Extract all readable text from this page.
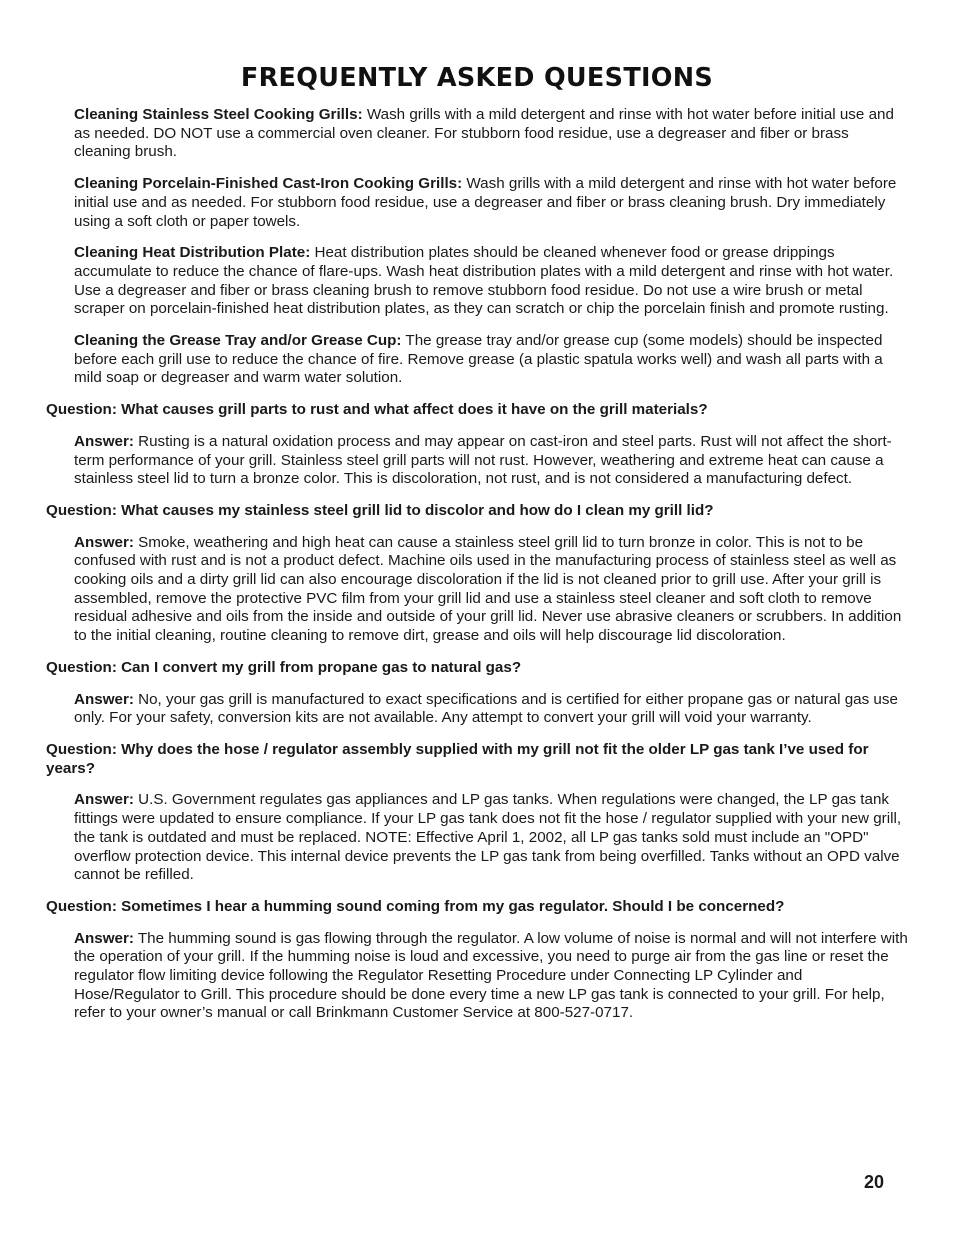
FREQUENTLY ASKED QUESTIONS

Cleaning Stainless Steel Cooking Grills: Wash grills with a mild detergent and rinse with hot water before initial use and as needed. DO NOT use a commercial oven cleaner. For stubborn food residue, use a degreaser and fiber or brass cleaning brush.

Cleaning Porcelain-Finished Cast-Iron Cooking Grills: Wash grills with a mild detergent and rinse with hot water before initial use and as needed. For stubborn food residue, use a degreaser and fiber or brass cleaning brush. Dry immediately using a soft cloth or paper towels.

Cleaning Heat Distribution Plate: Heat distribution plates should be cleaned whenever food or grease drippings accumulate to reduce the chance of flare-ups. Wash heat distribution plates with a mild detergent and rinse with hot water. Use a degreaser and fiber or brass cleaning brush to remove stubborn food residue. Do not use a wire brush or metal scraper on porcelain-finished heat distribution plates, as they can scratch or chip the porcelain finish and promote rusting.

Cleaning the Grease Tray and/or Grease Cup: The grease tray and/or grease cup (some models) should be inspected before each grill use to reduce the chance of fire. Remove grease (a plastic spatula works well) and wash all parts with a mild soap or degreaser and warm water solution.

Question: What causes grill parts to rust and what affect does it have on the grill materials?

Answer: Rusting is a natural oxidation process and may appear on cast-iron and steel parts. Rust will not affect the short-term performance of your grill. Stainless steel grill parts will not rust. However, weathering and extreme heat can cause a stainless steel lid to turn a bronze color. This is discoloration, not rust, and is not considered a manufacturing defect.

Question: What causes my stainless steel grill lid to discolor and how do I clean my grill lid?

Answer: Smoke, weathering and high heat can cause a stainless steel grill lid to turn bronze in color. This is not to be confused with rust and is not a product defect. Machine oils used in the manufacturing process of stainless steel as well as cooking oils and a dirty grill lid can also encourage discoloration if the lid is not cleaned prior to grill use. After your grill is assembled, remove the protective PVC film from your grill lid and use a stainless steel cleaner and soft cloth to remove residual adhesive and oils from the inside and outside of your grill lid. Never use abrasive cleaners or scrubbers. In addition to the initial cleaning, routine cleaning to remove dirt, grease and oils will help discourage lid discoloration.

Question: Can I convert my grill from propane gas to natural gas?

Answer: No, your gas grill is manufactured to exact specifications and is certified for either propane gas or natural gas use only. For your safety, conversion kits are not available. Any attempt to convert your grill will void your warranty.

Question: Why does the hose / regulator assembly supplied with my grill not fit the older LP gas tank I’ve used for years?

Answer: U.S. Government regulates gas appliances and LP gas tanks. When regulations were changed, the LP gas tank fittings were updated to ensure compliance. If your LP gas tank does not fit the hose / regulator supplied with your new grill, the tank is outdated and must be replaced. NOTE: Effective April 1, 2002, all LP gas tanks sold must include an "OPD" overflow protection device. This internal device prevents the LP gas tank from being overfilled. Tanks without an OPD valve cannot be refilled.

Question: Sometimes I hear a humming sound coming from my gas regulator. Should I be concerned?

Answer: The humming sound is gas flowing through the regulator. A low volume of noise is normal and will not interfere with the operation of your grill. If the humming noise is loud and excessive, you need to purge air from the gas line or reset the regulator flow limiting device following the Regulator Resetting Procedure under Connecting LP Cylinder and Hose/Regulator to Grill. This procedure should be done every time a new LP gas tank is connected to your grill. For help, refer to your owner’s manual or call Brinkmann Customer Service at 800-527-0717.

20
